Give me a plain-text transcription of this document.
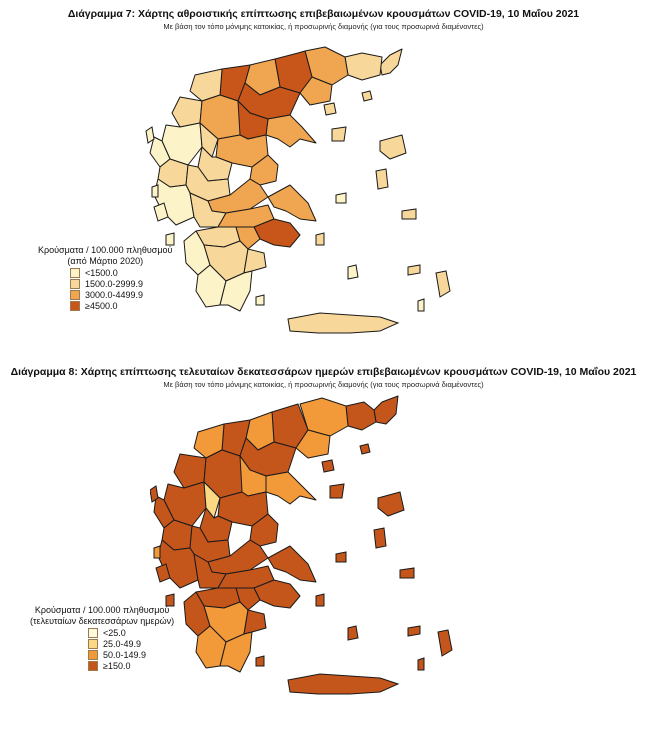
Διάγραμμα 7: Χάρτης αθροιστικής επίπτωσης επιβεβαιωμένων κρουσμάτων COVID-19, 10 Μαΐου 2021
Με βάση τον τόπο μόνιμης κατοικίας, ή προσωρινής διαμονής (για τους προσωρινά διαμένοντες)
Κρούσματα / 100.000 πληθυσμού
(από Μάρτιο 2020)
<1500.0
1500.0-2999.9
3000.0-4499.9
≥4500.0
Διάγραμμα 8: Χάρτης επίπτωσης τελευταίων δεκατεσσάρων ημερών επιβεβαιωμένων κρουσμάτων COVID-19, 10 Μαΐου 2021
Με βάση τον τόπο μόνιμης κατοικίας, ή προσωρινής διαμονής (για τους προσωρινά διαμένοντες)
Κρούσματα / 100.000 πληθυσμού
(τελευταίων δεκατεσσάρων ημερών)
<25.0
25.0-49.9
50.0-149.9
≥150.0
